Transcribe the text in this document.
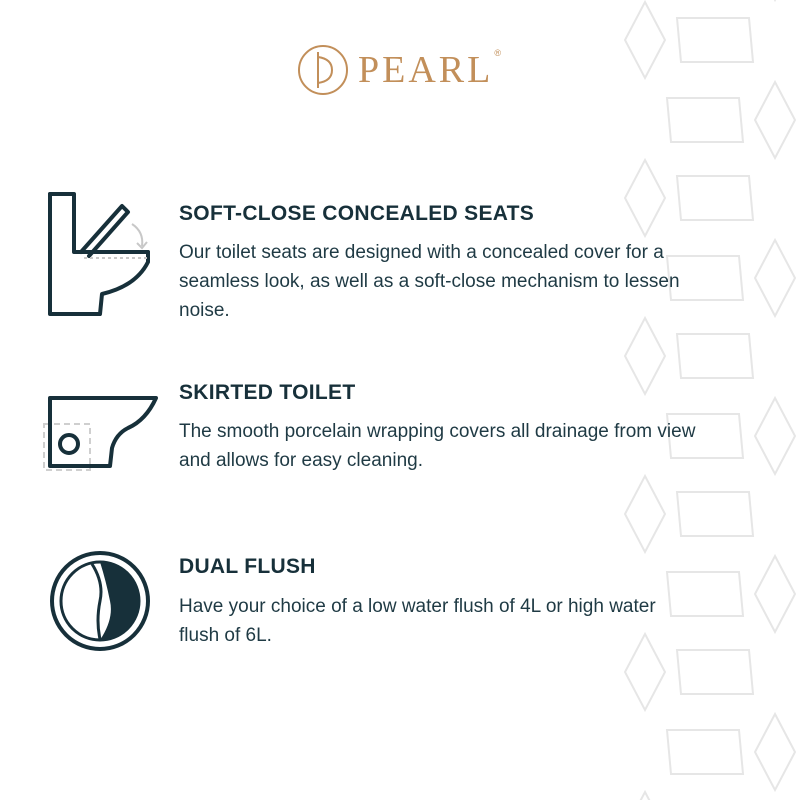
PEARL ®
SOFT-CLOSE CONCEALED SEATS

Our toilet seats are designed with a concealed cover for a seamless look, as well as a soft-close mechanism to lessen noise.

SKIRTED TOILET

The smooth porcelain wrapping covers all drainage from view and allows for easy cleaning.

DUAL FLUSH

Have your choice of a low water flush of 4L or high water flush of 6L.
